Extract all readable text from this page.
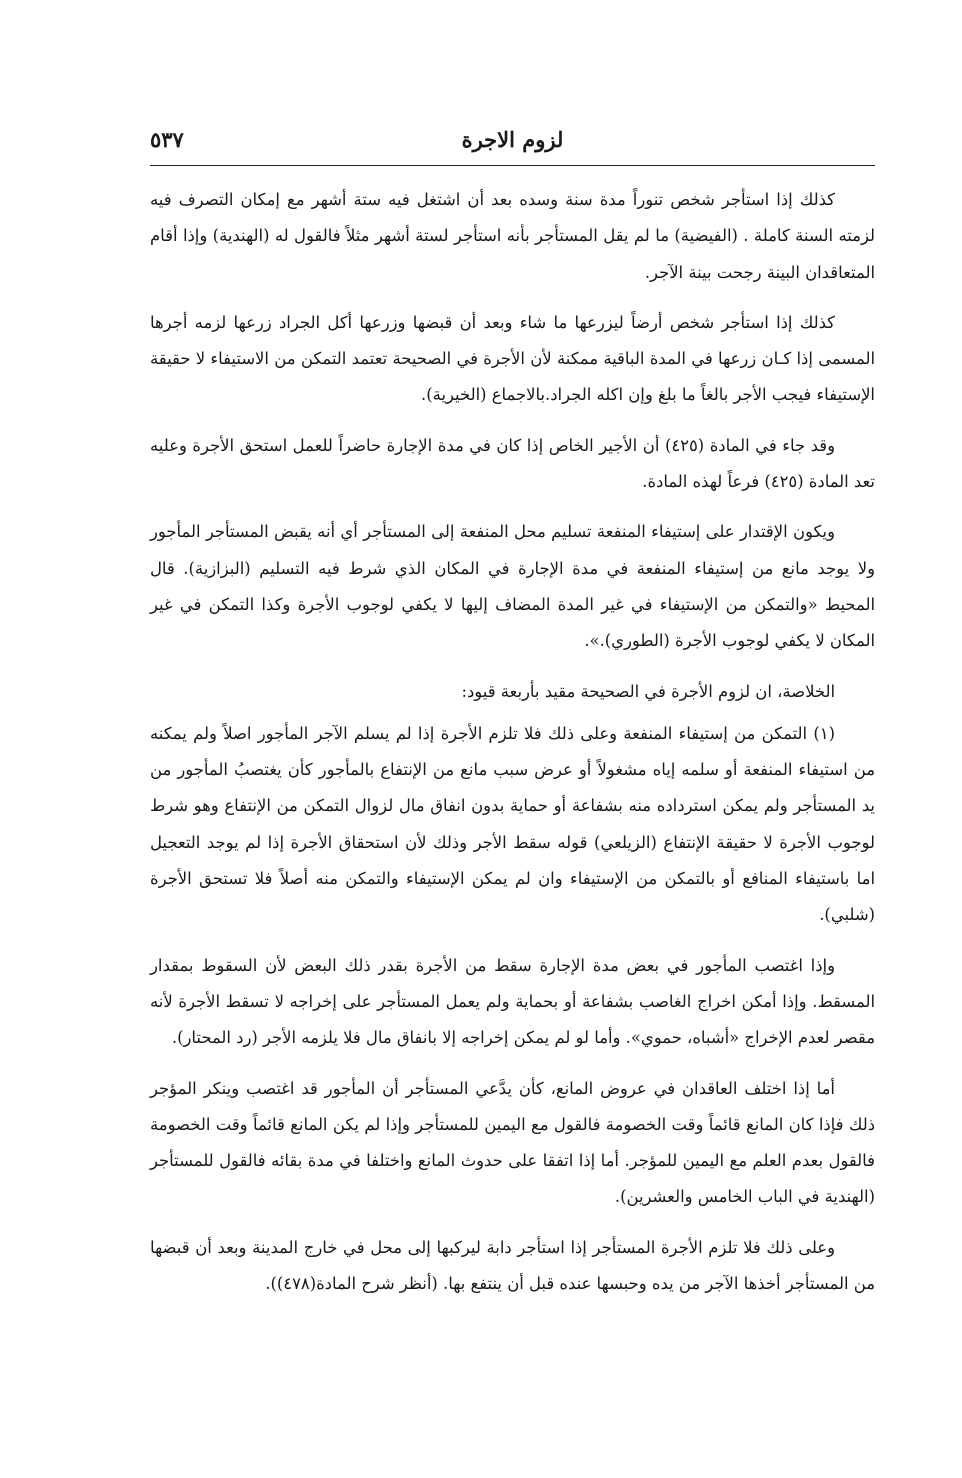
لزوم الاجرة
٥٣٧

كذلك إذا استأجر شخص تنوراً مدة سنة وسده بعد أن اشتغل فيه ستة أشهر مع إمكان التصرف فيه لزمته السنة كاملة . (الفيضية) ما لم يقل المستأجر بأنه استأجر لستة أشهر مثلاً فالقول له (الهندية) وإذا أقام المتعاقدان البينة رجحت بينة الآجر.

كذلك إذا استأجر شخص أرضاً ليزرعها ما شاء وبعد أن قبضها وزرعها أكل الجراد زرعها لزمه أجرها المسمى إذا كـان زرعها في المدة الباقية ممكنة لأن الأجرة في الصحيحة تعتمد التمكن من الاستيفاء لا حقيقة الإستيفاء فيجب الأجر بالغاً ما بلغ وإن اكله الجراد.بالاجماع (الخيرية).

وقد جاء في المادة (٤٢٥) أن الأجير الخاص إذا كان في مدة الإجارة حاضراً للعمل استحق الأجرة وعليه تعد المادة (٤٢٥) فرعاً لهذه المادة.

ويكون الإقتدار على إستيفاء المنفعة تسليم محل المنفعة إلى المستأجر أي أنه يقبض المستأجر المأجور ولا يوجد مانع من إستيفاء المنفعة في مدة الإجارة في المكان الذي شرط فيه التسليم (البزازية). قال المحيط «والتمكن من الإستيفاء في غير المدة المضاف إليها لا يكفي لوجوب الأجرة وكذا التمكن في غير المكان لا يكفي لوجوب الأجرة (الطوري).».

الخلاصة، ان لزوم الأجرة في الصحيحة مقيد بأربعة قيود:

(١) التمكن من إستيفاء المنفعة وعلى ذلك فلا تلزم الأجرة إذا لم يسلم الآجر المأجور اصلاً ولم يمكنه من استيفاء المنفعة أو سلمه إياه مشغولاً أو عرض سبب مانع من الإنتفاع بالمأجور كأن يغتصبُ المأجور من يد المستأجر ولم يمكن استرداده منه بشفاعة أو حماية بدون انفاق مال لزوال التمكن من الإنتفاع وهو شرط لوجوب الأجرة لا حقيقة الإنتفاع (الزيلعي) قوله سقط الأجر وذلك لأن استحقاق الأجرة إذا لم يوجد التعجيل اما باستيفاء المنافع أو بالتمكن من الإستيفاء وان لم يمكن الإستيفاء والتمكن منه أصلاً فلا تستحق الأجرة (شلبي).

وإذا اغتصب المأجور في بعض مدة الإجارة سقط من الأجرة بقدر ذلك البعض لأن السقوط بمقدار المسقط. وإذا أمكن اخراج الغاصب بشفاعة أو بحماية ولم يعمل المستأجر على إخراجه لا تسقط الأجرة لأنه مقصر لعدم الإخراج «أشباه، حموي». وأما لو لم يمكن إخراجه إلا بانفاق مال فلا يلزمه الأجر (رد المحتار).

أما إذا اختلف العاقدان في عروض المانع، كأن يدَّعي المستأجر أن المأجور قد اغتصب وينكر المؤجر ذلك فإذا كان المانع قائماً وقت الخصومة فالقول مع اليمين للمستأجر وإذا لم يكن المانع قائماً وقت الخصومة فالقول بعدم العلم مع اليمين للمؤجر. أما إذا اتفقا على حدوث المانع واختلفا في مدة بقائه فالقول للمستأجر (الهندية في الباب الخامس والعشرين).

وعلى ذلك فلا تلزم الأجرة المستأجر إذا استأجر دابة ليركبها إلى محل في خارج المدينة وبعد أن قبضها من المستأجر أخذها الآجر من يده وحبسها عنده قبل أن ينتفع بها. (أنظر شرح المادة(٤٧٨)).
